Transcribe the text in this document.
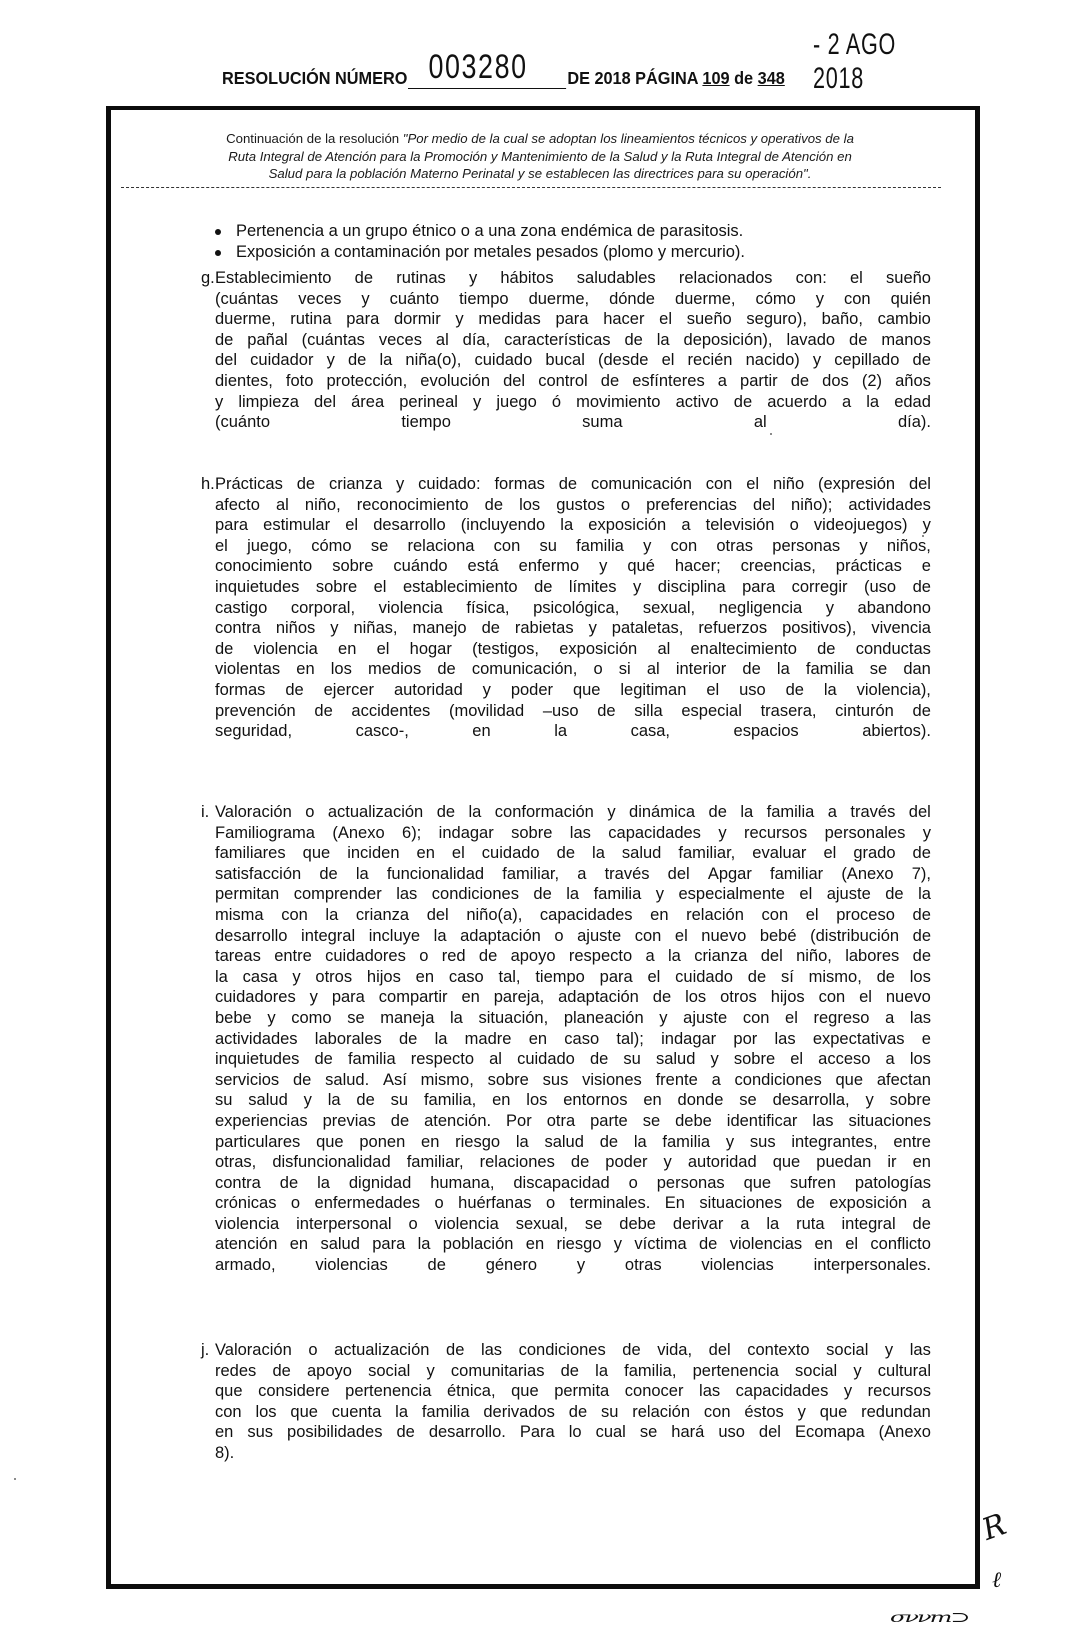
- 2 AGO 2018
RESOLUCIÓN NÚMERO 003280 DE 2018 PÁGINA 109 de 348
Continuación de la resolución "Por medio de la cual se adoptan los lineamientos técnicos y operativos de la
Ruta Integral de Atención para la Promoción y Mantenimiento de la Salud y la Ruta Integral de Atención en
Salud para la población Materno Perinatal y se establecen las directrices para su operación".
Pertenencia a un grupo étnico o a una zona endémica de parasitosis.
Exposición a contaminación por metales pesados (plomo y mercurio).
g. Establecimiento de rutinas y hábitos saludables relacionados con: el sueño
(cuántas veces y cuánto tiempo duerme, dónde duerme, cómo y con quién
duerme, rutina para dormir y medidas para hacer el sueño seguro), baño, cambio
de pañal (cuántas veces al día, características de la deposición), lavado de manos
del cuidador y de la niña(o), cuidado bucal (desde el recién nacido) y cepillado de
dientes, foto protección, evolución del control de esfínteres a partir de dos (2) años
y limpieza del área perineal y juego ó movimiento activo de acuerdo a la edad
(cuánto tiempo suma al día).
h. Prácticas de crianza y cuidado: formas de comunicación con el niño (expresión del
afecto al niño, reconocimiento de los gustos o preferencias del niño); actividades
para estimular el desarrollo (incluyendo la exposición a televisión o videojuegos) y
el juego, cómo se relaciona con su familia y con otras personas y niños,
conocimiento sobre cuándo está enfermo y qué hacer; creencias, prácticas e
inquietudes sobre el establecimiento de límites y disciplina para corregir (uso de
castigo corporal, violencia física, psicológica, sexual, negligencia y abandono
contra niños y niñas, manejo de rabietas y pataletas, refuerzos positivos), vivencia
de violencia en el hogar (testigos, exposición al enaltecimiento de conductas
violentas en los medios de comunicación, o si al interior de la familia se dan
formas de ejercer autoridad y poder que legitiman el uso de la violencia),
prevención de accidentes (movilidad –uso de silla especial trasera, cinturón de
seguridad, casco-, en la casa, espacios abiertos).
i. Valoración o actualización de la conformación y dinámica de la familia a través del
Familiograma (Anexo 6); indagar sobre las capacidades y recursos personales y
familiares que inciden en el cuidado de la salud familiar, evaluar el grado de
satisfacción de la funcionalidad familiar, a través del Apgar familiar (Anexo 7),
permitan comprender las condiciones de la familia y especialmente el ajuste de la
misma con la crianza del niño(a), capacidades en relación con el proceso de
desarrollo integral incluye la adaptación o ajuste con el nuevo bebé (distribución de
tareas entre cuidadores o red de apoyo respecto a la crianza del niño, labores de
la casa y otros hijos en caso tal, tiempo para el cuidado de sí mismo, de los
cuidadores y para compartir en pareja, adaptación de los otros hijos con el nuevo
bebe y como se maneja la situación, planeación y ajuste con el regreso a las
actividades laborales de la madre en caso tal); indagar por las expectativas e
inquietudes de familia respecto al cuidado de su salud y sobre el acceso a los
servicios de salud. Así mismo, sobre sus visiones frente a condiciones que afectan
su salud y la de su familia, en los entornos en donde se desarrolla, y sobre
experiencias previas de atención. Por otra parte se debe identificar las situaciones
particulares que ponen en riesgo la salud de la familia y sus integrantes, entre
otras, disfuncionalidad familiar, relaciones de poder y autoridad que puedan ir en
contra de la dignidad humana, discapacidad o personas que sufren patologías
crónicas o enfermedades o huérfanas o terminales. En situaciones de exposición a
violencia interpersonal o violencia sexual, se debe derivar a la ruta integral de
atención en salud para la población en riesgo y víctima de violencias en el conflicto
armado, violencias de género y otras violencias interpersonales.
j. Valoración o actualización de las condiciones de vida, del contexto social y las
redes de apoyo social y comunitarias de la familia, pertenencia social y cultural
que considere pertenencia étnica, que permita conocer las capacidades y recursos
con los que cuenta la familia derivados de su relación con éstos y que redundan
en sus posibilidades de desarrollo. Para lo cual se hará uso del Ecomapa (Anexo
8).
R
ℓ
σννm⊃
